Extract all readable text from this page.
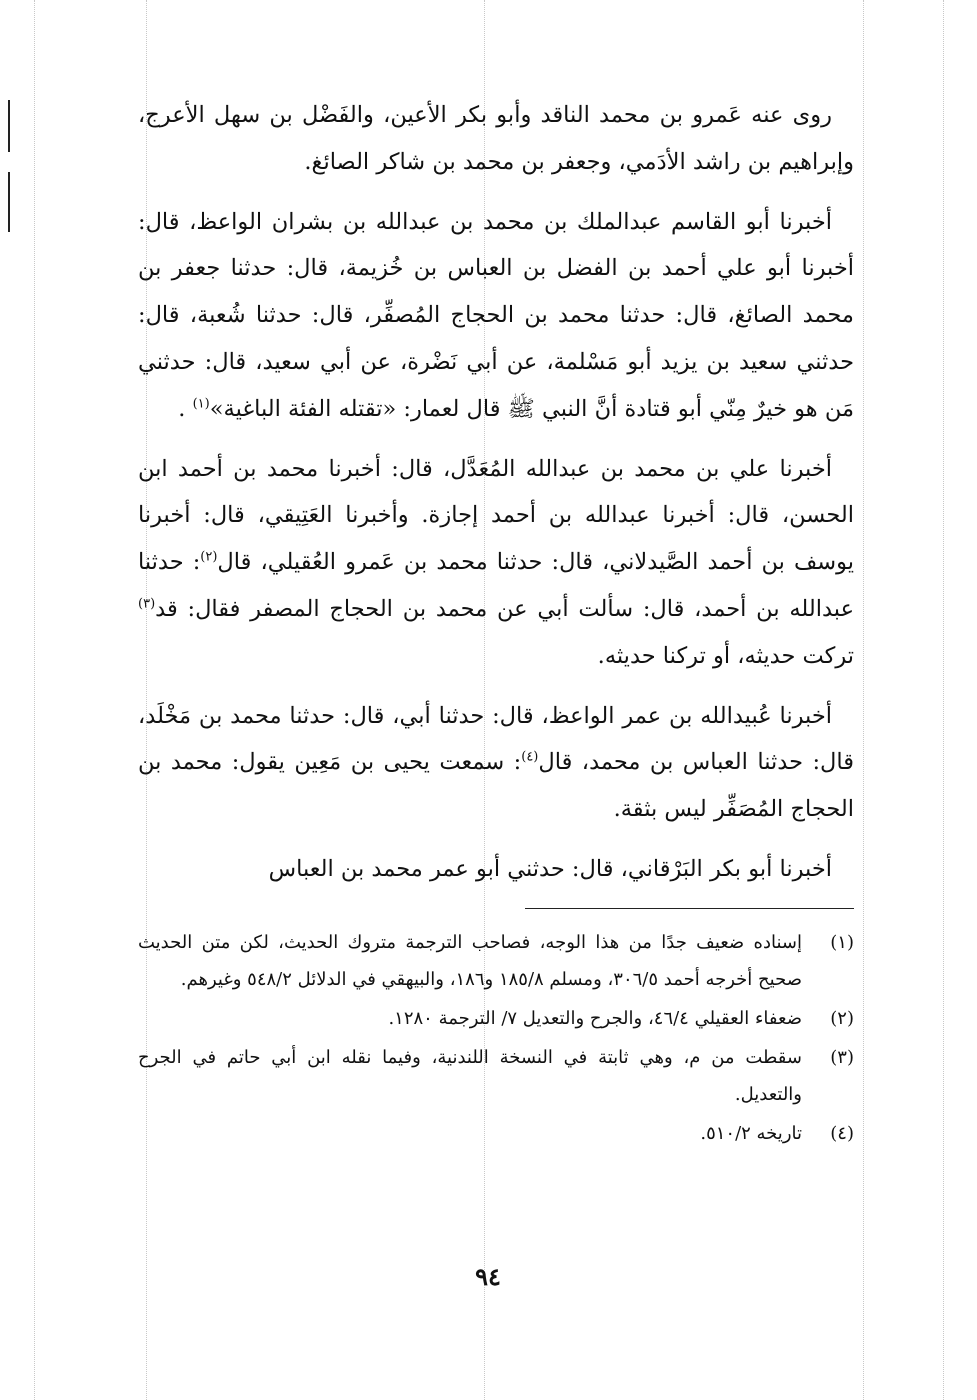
روى عنه عَمرو بن محمد الناقد وأبو بكر الأعين، والفَضْل بن سهل الأعرج، وإبراهيم بن راشد الأدَمي، وجعفر بن محمد بن شاكر الصائغ.

أخبرنا أبو القاسم عبدالملك بن محمد بن عبدالله بن بشران الواعظ، قال: أخبرنا أبو علي أحمد بن الفضل بن العباس بن خُزيمة، قال: حدثنا جعفر بن محمد الصائغ، قال: حدثنا محمد بن الحجاج المُصفِّر، قال: حدثنا شُعبة، قال: حدثني سعيد بن يزيد أبو مَسْلمة، عن أبي نَضْرة، عن أبي سعيد، قال: حدثني مَن هو خيرٌ مِنّي أبو قتادة أنَّ النبي ﷺ قال لعمار: «تقتله الفئة الباغية»$^{(١)}$ .

أخبرنا علي بن محمد بن عبدالله المُعَدَّل، قال: أخبرنا محمد بن أحمد ابن الحسن، قال: أخبرنا عبدالله بن أحمد إجازة. وأخبرنا العَتِيقي، قال: أخبرنا يوسف بن أحمد الصَّيدلاني، قال: حدثنا محمد بن عَمرو العُقيلي، قال$^{(٢)}$: حدثنا عبدالله بن أحمد، قال: سألت أبي عن محمد بن الحجاج المصفر فقال: قد$^{(٣)}$ تركت حديثه، أو تركنا حديثه.

أخبرنا عُبيدالله بن عمر الواعظ، قال: حدثنا أبي، قال: حدثنا محمد بن مَخْلَد، قال: حدثنا العباس بن محمد، قال$^{(٤)}$: سمعت يحيى بن مَعِين يقول: محمد بن الحجاج المُصَفِّر ليس بثقة.

أخبرنا أبو بكر البَرْقاني، قال: حدثني أبو عمر محمد بن العباس

(١)
إسناده ضعيف جدًا من هذا الوجه، فصاحب الترجمة متروك الحديث، لكن متن الحديث صحيح أخرجه أحمد ٣٠٦/٥، ومسلم ١٨٥/٨ و١٨٦، والبيهقي في الدلائل ٥٤٨/٢ وغيرهم.
(٢)
ضعفاء العقيلي ٤٦/٤، والجرح والتعديل ٧/ الترجمة ١٢٨٠.
(٣)
سقطت من م، وهي ثابتة في النسخة اللندنية، وفيما نقله ابن أبي حاتم في الجرح والتعديل.
(٤)
تاريخه ٥١٠/٢.
٩٤
